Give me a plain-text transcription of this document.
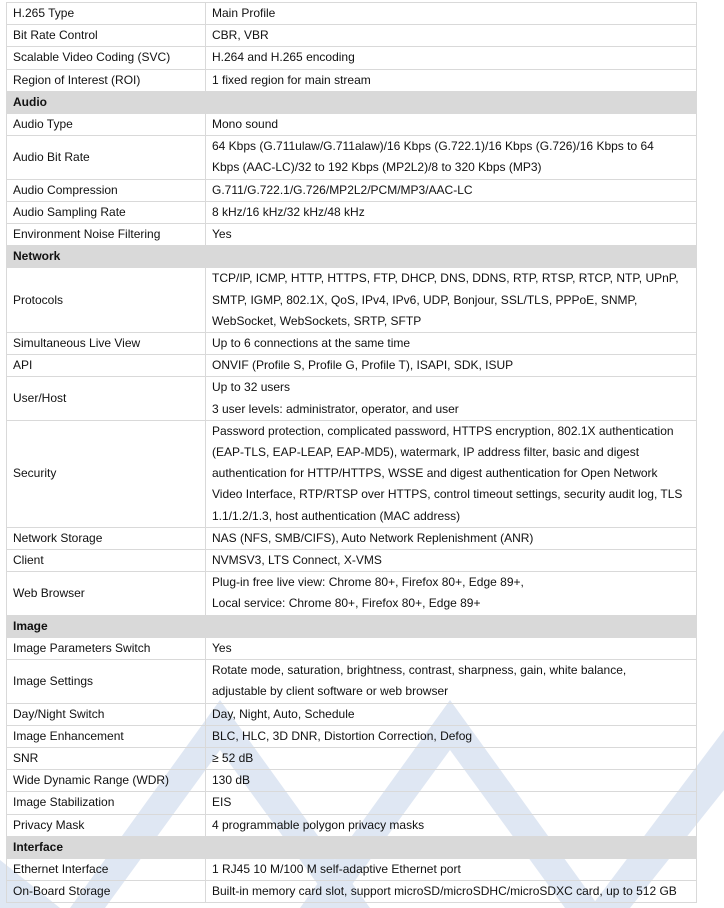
H.265 Type	Main Profile

Bit Rate Control	CBR, VBR

Scalable Video Coding (SVC)	H.264 and H.265 encoding

Region of Interest (ROI)	1 fixed region for main stream

Audio	
Audio Type	Mono sound

Audio Bit Rate	64 Kbps (G.711ulaw/G.711alaw)/16 Kbps (G.722.1)/16 Kbps (G.726)/16 Kbps to 64
Kbps (AAC-LC)/32 to 192 Kbps (MP2L2)/8 to 320 Kbps (MP3)

Audio Compression	G.711/G.722.1/G.726/MP2L2/PCM/MP3/AAC-LC

Audio Sampling Rate	8 kHz/16 kHz/32 kHz/48 kHz

Environment Noise Filtering	Yes

Network	
Protocols	TCP/IP, ICMP, HTTP, HTTPS, FTP, DHCP, DNS, DDNS, RTP, RTSP, RTCP, NTP, UPnP,
SMTP, IGMP, 802.1X, QoS, IPv4, IPv6, UDP, Bonjour, SSL/TLS, PPPoE, SNMP,
WebSocket, WebSockets, SRTP, SFTP

Simultaneous Live View	Up to 6 connections at the same time

API	ONVIF (Profile S, Profile G, Profile T), ISAPI, SDK, ISUP

User/Host	Up to 32 users
3 user levels: administrator, operator, and user

Security	Password protection, complicated password, HTTPS encryption, 802.1X authentication
(EAP-TLS, EAP-LEAP, EAP-MD5), watermark, IP address filter, basic and digest
authentication for HTTP/HTTPS, WSSE and digest authentication for Open Network
Video Interface, RTP/RTSP over HTTPS, control timeout settings, security audit log, TLS
1.1/1.2/1.3, host authentication (MAC address)

Network Storage	NAS (NFS, SMB/CIFS), Auto Network Replenishment (ANR)

Client	NVMSV3, LTS Connect, X-VMS

Web Browser	Plug-in free live view: Chrome 80+, Firefox 80+, Edge 89+,
Local service: Chrome 80+, Firefox 80+, Edge 89+

Image	
Image Parameters Switch	Yes

Image Settings	Rotate mode, saturation, brightness, contrast, sharpness, gain, white balance,
adjustable by client software or web browser

Day/Night Switch	Day, Night, Auto, Schedule

Image Enhancement	BLC, HLC, 3D DNR, Distortion Correction, Defog

SNR	≥ 52 dB

Wide Dynamic Range (WDR)	130 dB

Image Stabilization	EIS

Privacy Mask	4 programmable polygon privacy masks

Interface	
Ethernet Interface	1 RJ45 10 M/100 M self-adaptive Ethernet port

On-Board Storage	Built-in memory card slot, support microSD/microSDHC/microSDXC card, up to 512 GB
